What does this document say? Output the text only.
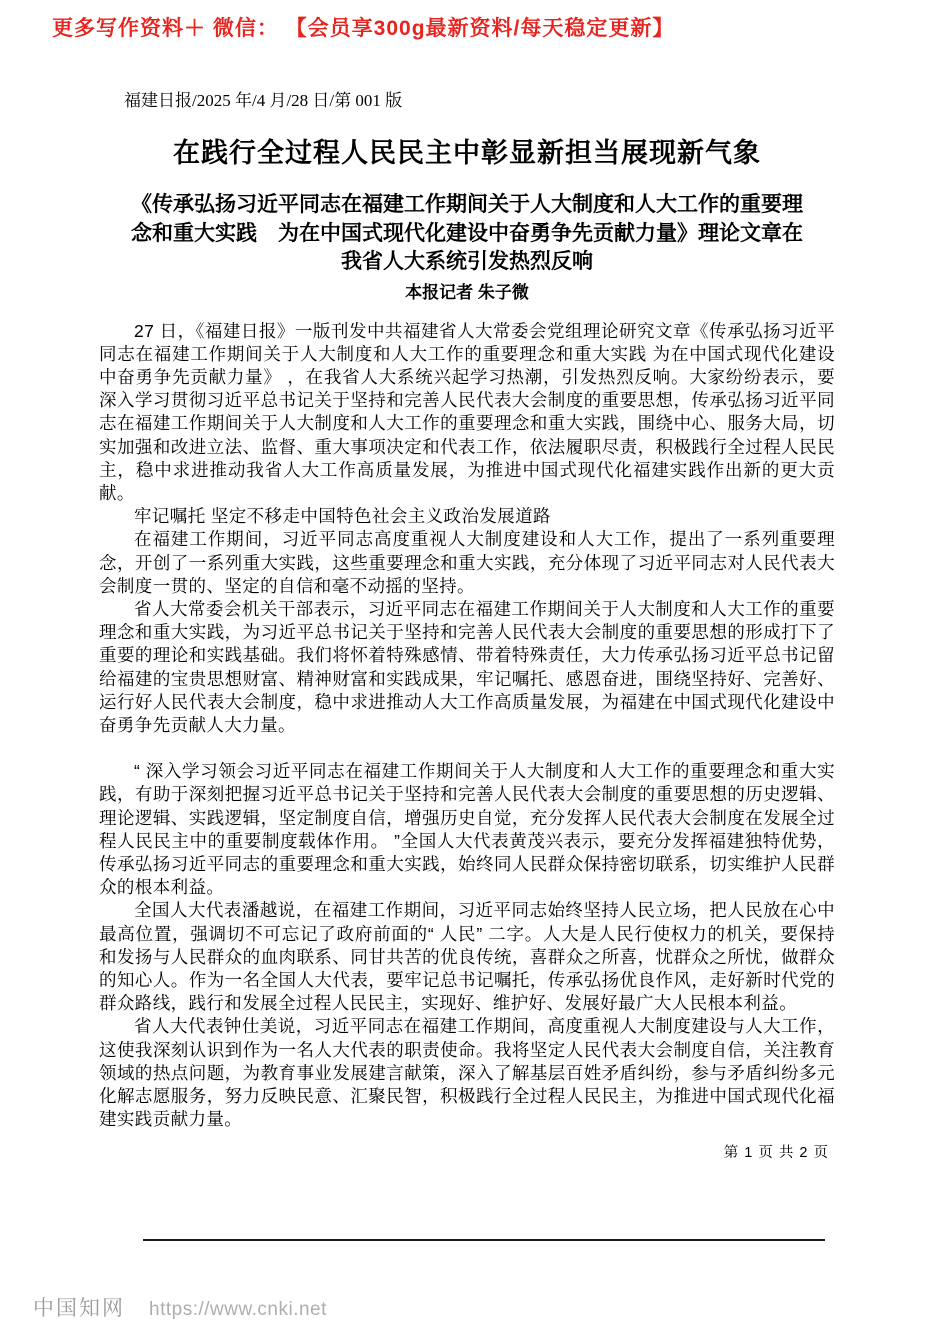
更多写作资料＋ 微信： 【会员享300g最新资料/每天稳定更新】
福建日报/2025 年/4 月/28 日/第 001 版
在践行全过程人民民主中彰显新担当展现新气象
《传承弘扬习近平同志在福建工作期间关于人大制度和人大工作的重要理
念和重大实践　为在中国式现代化建设中奋勇争先贡献力量》理论文章在
我省人大系统引发热烈反响
本报记者 朱子微

27 日，《福建日报》一版刊发中共福建省人大常委会党组理论研究文章《传承弘扬习近平同志在福建工作期间关于人大制度和人大工作的重要理念和重大实践 为在中国式现代化建设中奋勇争先贡献力量》 ，在我省人大系统兴起学习热潮，引发热烈反响。大家纷纷表示，要深入学习贯彻习近平总书记关于坚持和完善人民代表大会制度的重要思想，传承弘扬习近平同志在福建工作期间关于人大制度和人大工作的重要理念和重大实践，围绕中心、服务大局，切实加强和改进立法、监督、重大事项决定和代表工作，依法履职尽责，积极践行全过程人民民主，稳中求进推动我省人大工作高质量发展，为推进中国式现代化福建实践作出新的更大贡献。

牢记嘱托 坚定不移走中国特色社会主义政治发展道路

在福建工作期间，习近平同志高度重视人大制度建设和人大工作，提出了一系列重要理念，开创了一系列重大实践，这些重要理念和重大实践，充分体现了习近平同志对人民代表大会制度一贯的、坚定的自信和毫不动摇的坚持。

省人大常委会机关干部表示，习近平同志在福建工作期间关于人大制度和人大工作的重要理念和重大实践，为习近平总书记关于坚持和完善人民代表大会制度的重要思想的形成打下了重要的理论和实践基础。我们将怀着特殊感情、带着特殊责任，大力传承弘扬习近平总书记留给福建的宝贵思想财富、精神财富和实践成果，牢记嘱托、感恩奋进，围绕坚持好、完善好、运行好人民代表大会制度，稳中求进推动人大工作高质量发展，为福建在中国式现代化建设中奋勇争先贡献人大力量。

“ 深入学习领会习近平同志在福建工作期间关于人大制度和人大工作的重要理念和重大实践，有助于深刻把握习近平总书记关于坚持和完善人民代表大会制度的重要思想的历史逻辑、理论逻辑、实践逻辑，坚定制度自信，增强历史自觉，充分发挥人民代表大会制度在发展全过程人民民主中的重要制度载体作用。 ”全国人大代表黄茂兴表示，要充分发挥福建独特优势，传承弘扬习近平同志的重要理念和重大实践，始终同人民群众保持密切联系，切实维护人民群众的根本利益。

全国人大代表潘越说，在福建工作期间，习近平同志始终坚持人民立场，把人民放在心中最高位置，强调切不可忘记了政府前面的“ 人民” 二字。人大是人民行使权力的机关，要保持和发扬与人民群众的血肉联系、同甘共苦的优良传统，喜群众之所喜，忧群众之所忧，做群众的知心人。作为一名全国人大代表，要牢记总书记嘱托，传承弘扬优良作风，走好新时代党的群众路线，践行和发展全过程人民民主，实现好、维护好、发展好最广大人民根本利益。

省人大代表钟仕美说，习近平同志在福建工作期间，高度重视人大制度建设与人大工作，这使我深刻认识到作为一名人大代表的职责使命。我将坚定人民代表大会制度自信，关注教育领域的热点问题，为教育事业发展建言献策，深入了解基层百姓矛盾纠纷，参与矛盾纠纷多元化解志愿服务，努力反映民意、汇聚民智，积极践行全过程人民民主，为推进中国式现代化福建实践贡献力量。

第 1 页 共 2 页
中国知网 https://www.cnki.net
